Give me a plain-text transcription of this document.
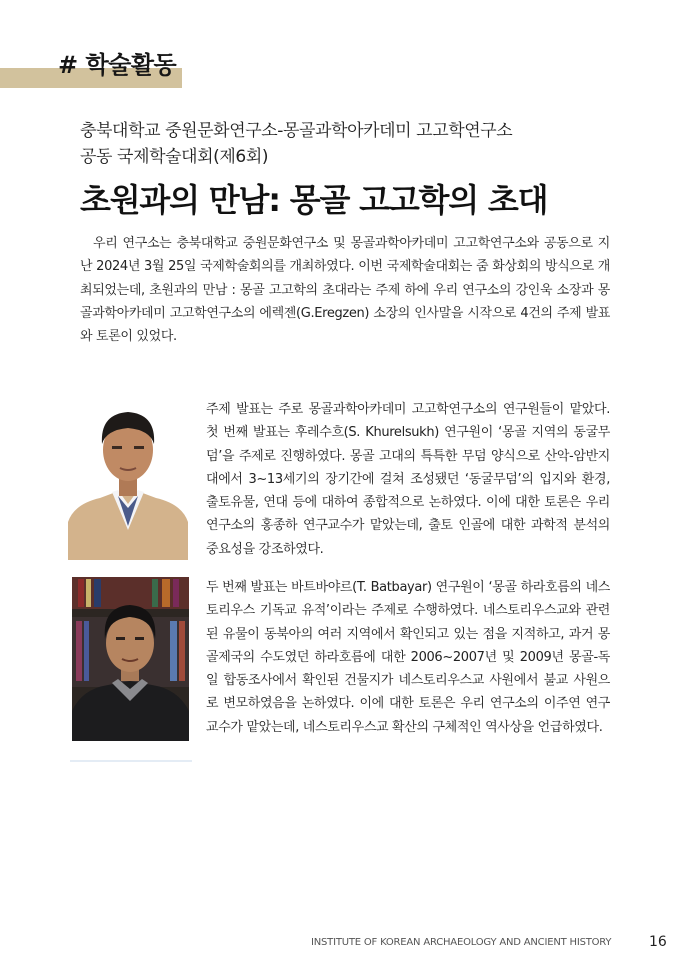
# 학술활동
충북대학교 중원문화연구소-몽골과학아카데미 고고학연구소
공동 국제학술대회(제6회)
초원과의 만남: 몽골 고고학의 초대

우리 연구소는 충북대학교 중원문화연구소 및 몽골과학아카데미 고고학연구소와 공동으로 지난 2024년 3월 25일 국제학술회의를 개최하였다. 이번 국제학술대회는 줌 화상회의 방식으로 개최되었는데, 초원과의 만남 : 몽골 고고학의 초대라는 주제 하에 우리 연구소의 강인욱 소장과 몽골과학아카데미 고고학연구소의 에렉젠(G.Eregzen) 소장의 인사말을 시작으로 4건의 주제 발표와 토론이 있었다.

주제 발표는 주로 몽골과학아카데미 고고학연구소의 연구원들이 맡았다. 첫 번째 발표는 후레수흐(S. Khurelsukh) 연구원이 ‘몽골 지역의 동굴무덤’을 주제로 진행하였다. 몽골 고대의 특특한 무덤 양식으로 산악-암반지대에서 3~13세기의 장기간에 걸쳐 조성됐던 ‘동굴무덤’의 입지와 환경, 출토유물, 연대 등에 대하여 종합적으로 논하였다. 이에 대한 토론은 우리 연구소의 홍종하 연구교수가 맡았는데, 출토 인골에 대한 과학적 분석의 중요성을 강조하였다.

두 번째 발표는 바트바야르(T. Batbayar) 연구원이 ‘몽골 하라호름의 네스토리우스 기독교 유적’이라는 주제로 수행하였다. 네스토리우스교와 관련된 유물이 동북아의 여러 지역에서 확인되고 있는 점을 지적하고, 과거 몽골제국의 수도였던 하라호름에 대한 2006~2007년 및 2009년 몽골-독일 합동조사에서 확인된 건물지가 네스토리우스교 사원에서 불교 사원으로 변모하였음을 논하였다. 이에 대한 토론은 우리 연구소의 이주연 연구교수가 맡았는데, 네스토리우스교 확산의 구체적인 역사상을 언급하였다.

INSTITUTE OF KOREAN ARCHAEOLOGY AND ANCIENT HISTORY	16
